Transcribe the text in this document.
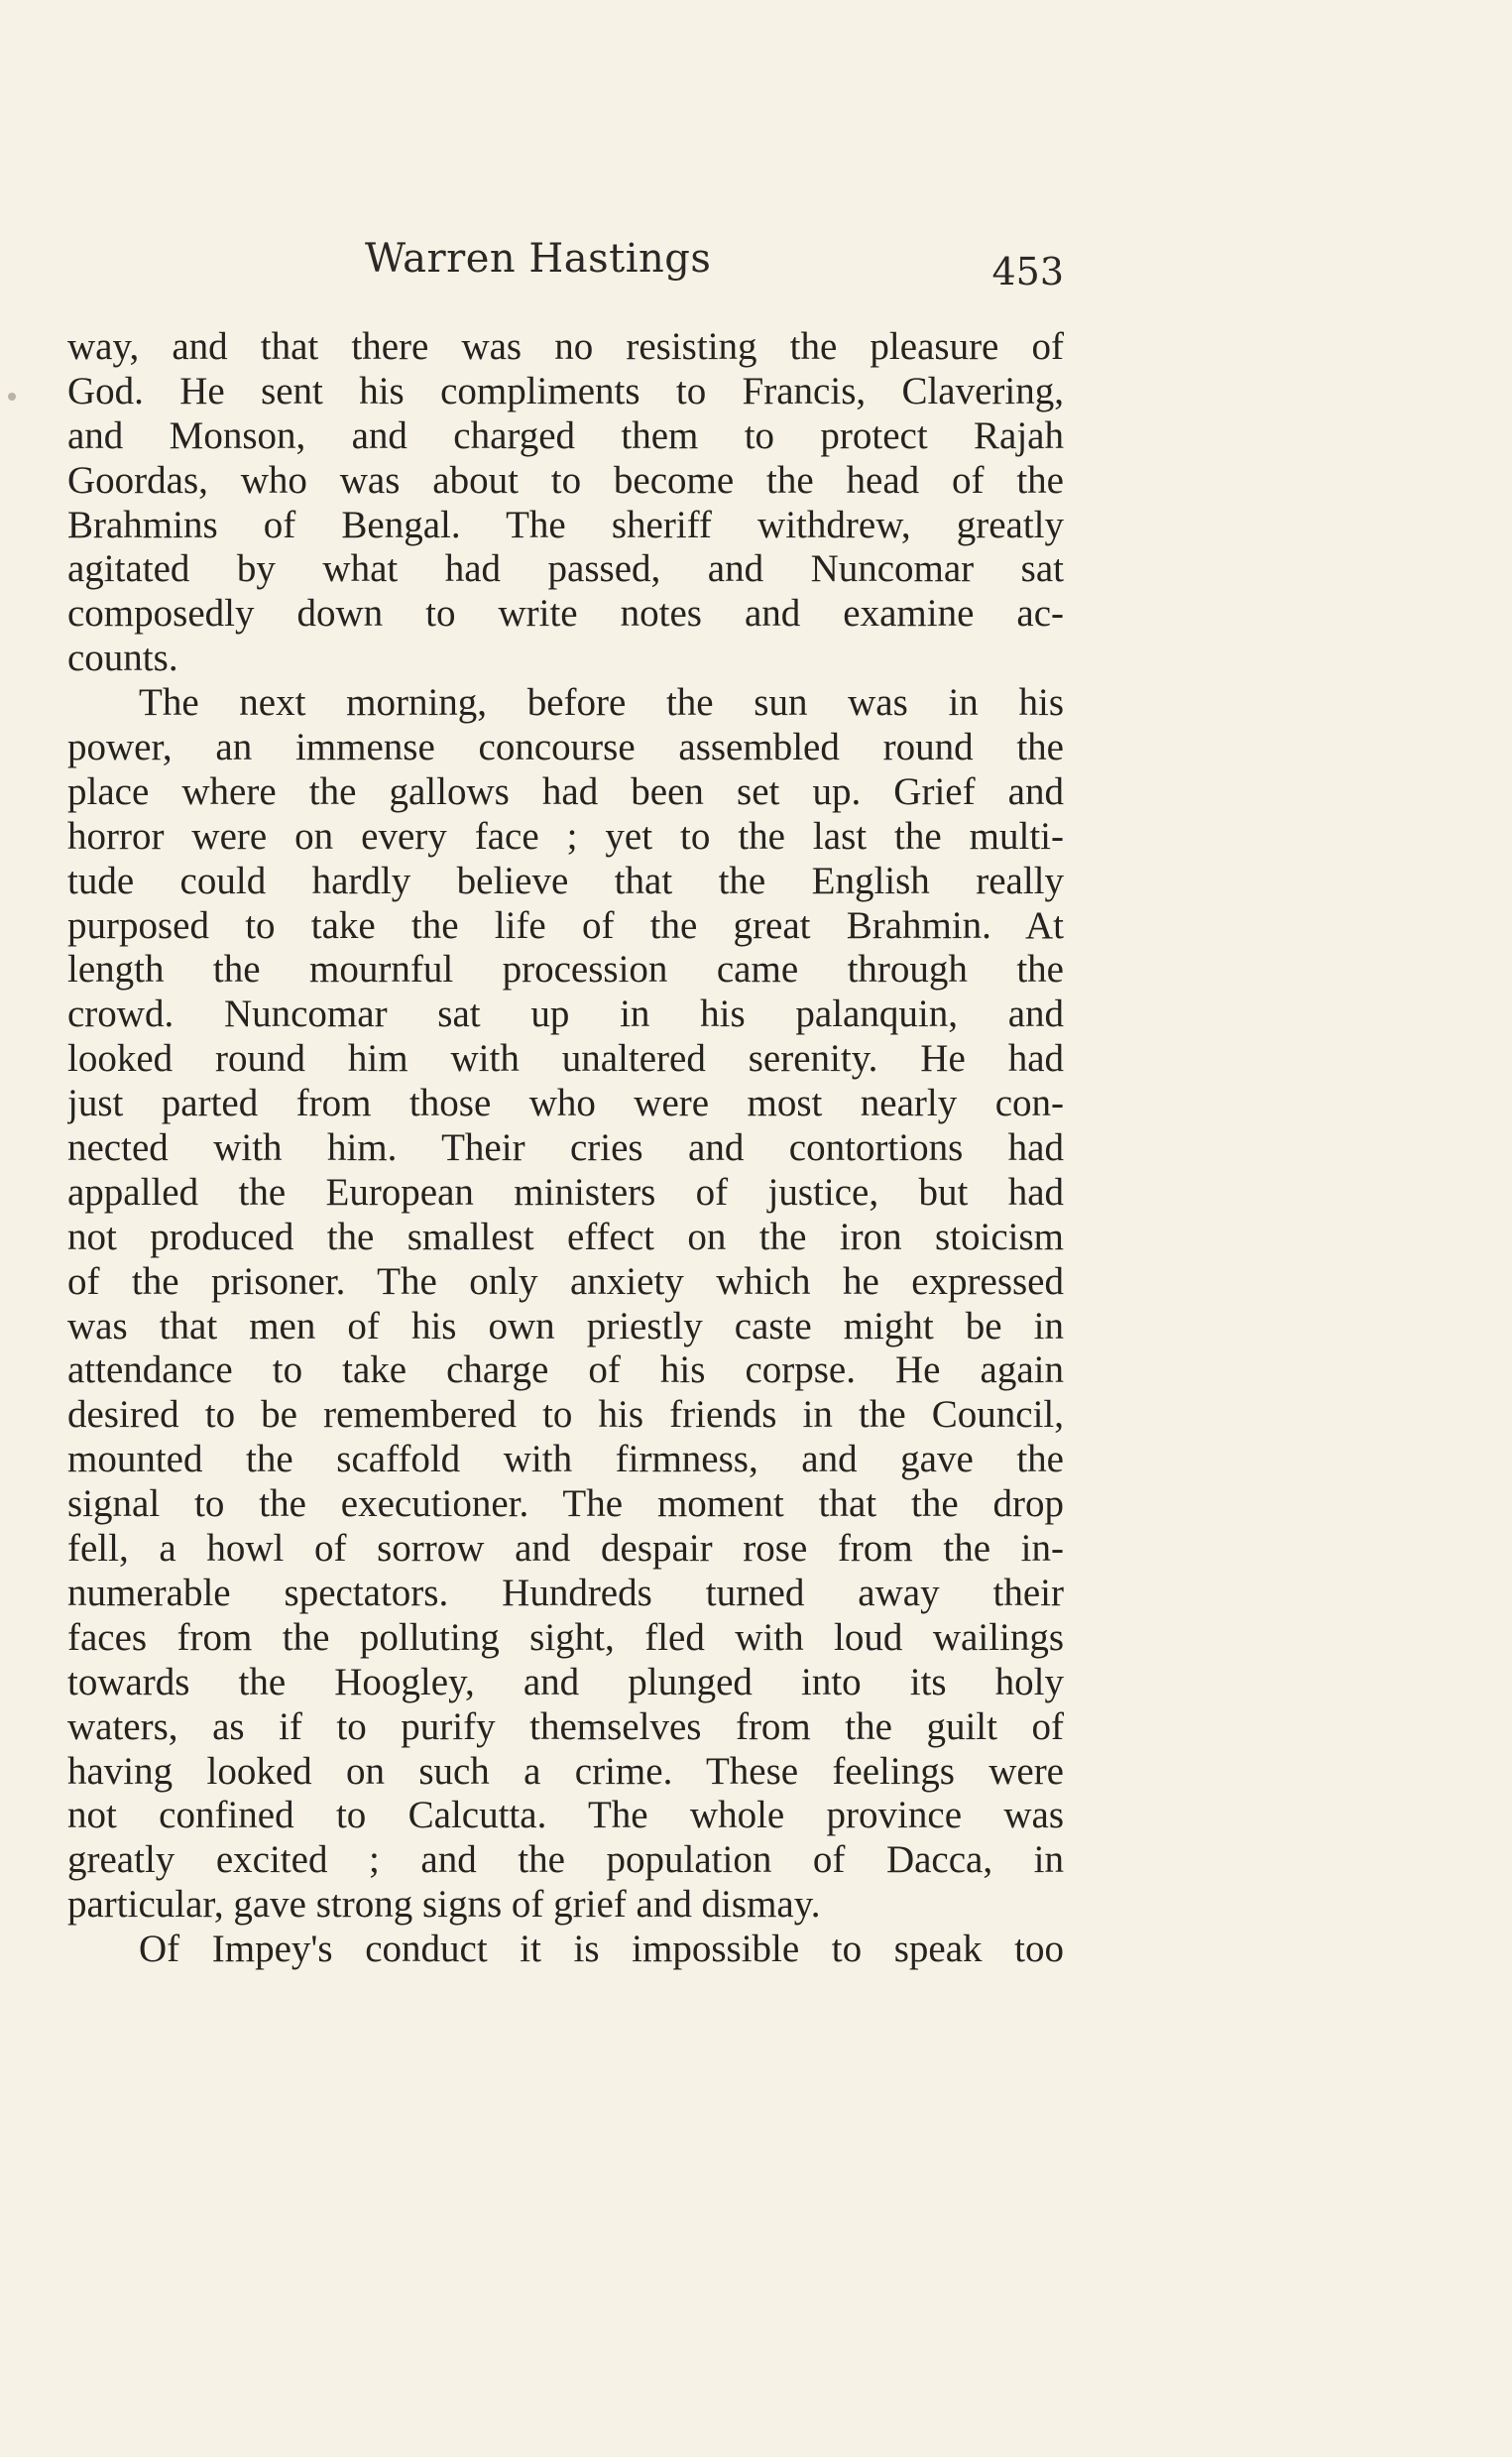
Warren Hastings	453
way, and that there was no resisting the pleasure of
God. He sent his compliments to Francis, Clavering,
and Monson, and charged them to protect Rajah
Goordas, who was about to become the head of the
Brahmins of Bengal. The sheriff withdrew, greatly
agitated by what had passed, and Nuncomar sat
composedly down to write notes and examine ac-
counts.
The next morning, before the sun was in his
power, an immense concourse assembled round the
place where the gallows had been set up. Grief and
horror were on every face ; yet to the last the multi-
tude could hardly believe that the English really
purposed to take the life of the great Brahmin. At
length the mournful procession came through the
crowd. Nuncomar sat up in his palanquin, and
looked round him with unaltered serenity. He had
just parted from those who were most nearly con-
nected with him. Their cries and contortions had
appalled the European ministers of justice, but had
not produced the smallest effect on the iron stoicism
of the prisoner. The only anxiety which he expressed
was that men of his own priestly caste might be in
attendance to take charge of his corpse. He again
desired to be remembered to his friends in the Council,
mounted the scaffold with firmness, and gave the
signal to the executioner. The moment that the drop
fell, a howl of sorrow and despair rose from the in-
numerable spectators. Hundreds turned away their
faces from the polluting sight, fled with loud wailings
towards the Hoogley, and plunged into its holy
waters, as if to purify themselves from the guilt of
having looked on such a crime. These feelings were
not confined to Calcutta. The whole province was
greatly excited ; and the population of Dacca, in
particular, gave strong signs of grief and dismay.
Of Impey's conduct it is impossible to speak too
